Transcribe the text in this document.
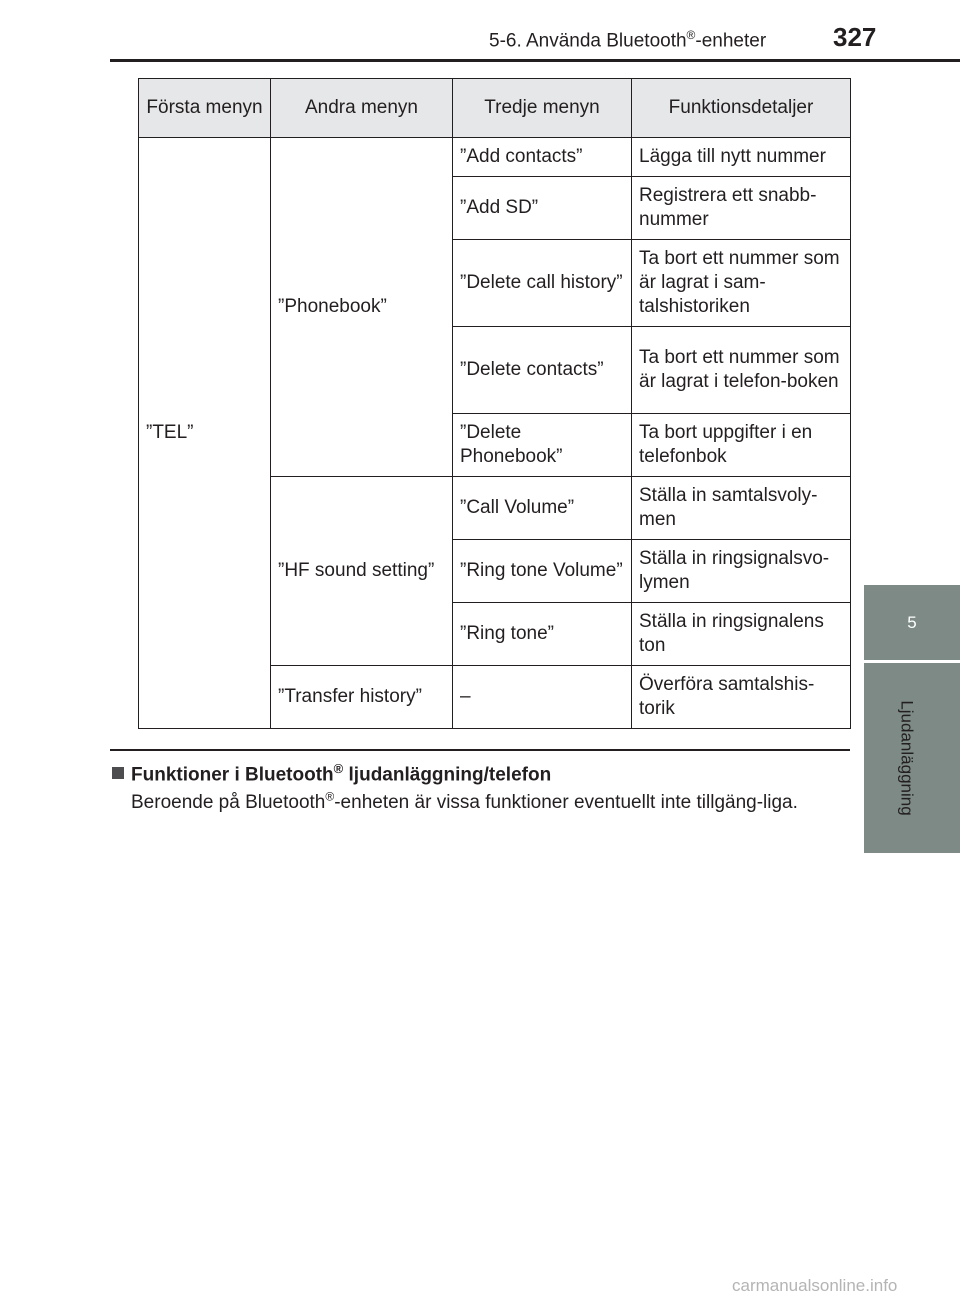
5-6. Använda Bluetooth®-enheter	327
5
Ljudanläggning
Första menyn	Andra menyn	Tredje menyn	Funktionsdetaljer
”TEL”	”Phonebook”	”Add contacts”	Lägga till nytt nummer
		”Add SD”	Registrera ett snabb-nummer
		”Delete call history”	Ta bort ett nummer som är lagrat i sam-talshistoriken
		”Delete contacts”	Ta bort ett nummer som är lagrat i telefon-boken
		”Delete Phonebook”	Ta bort uppgifter i en telefonbok
	”HF sound setting”	”Call Volume”	Ställa in samtalsvoly-men
		”Ring tone Volume”	Ställa in ringsignalsvo-lymen
		”Ring tone”	Ställa in ringsignalens ton
	”Transfer history”	–	Överföra samtalshis-torik
Funktioner i Bluetooth® ljudanläggning/telefon
Beroende på Bluetooth®-enheten är vissa funktioner eventuellt inte tillgäng-liga.
carmanualsonline.info
